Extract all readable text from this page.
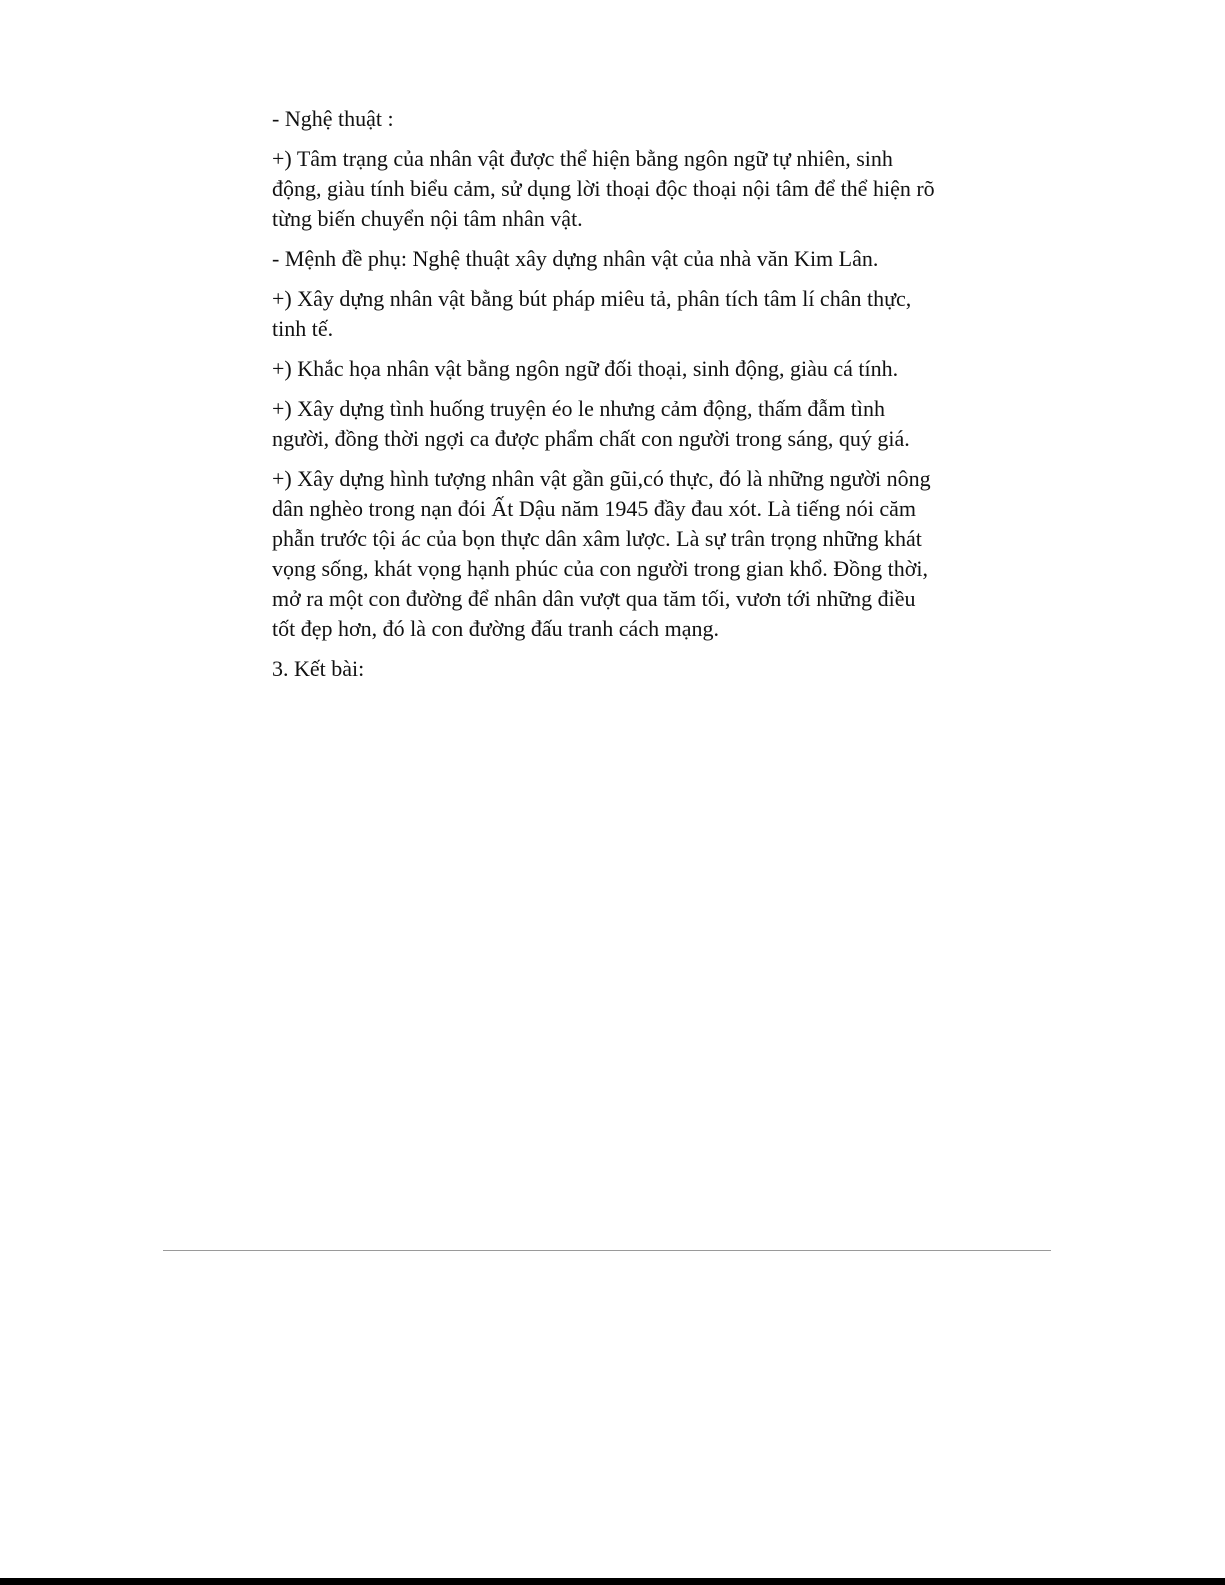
- Nghệ thuật :

+) Tâm trạng của nhân vật được thể hiện bằng ngôn ngữ tự nhiên, sinh động, giàu tính biểu cảm, sử dụng lời thoại độc thoại nội tâm để thể hiện rõ từng biến chuyển nội tâm nhân vật.

- Mệnh đề phụ: Nghệ thuật xây dựng nhân vật của nhà văn Kim Lân.

+) Xây dựng nhân vật bằng bút pháp miêu tả, phân tích tâm lí chân thực, tinh tế.

+) Khắc họa nhân vật bằng ngôn ngữ đối thoại, sinh động, giàu cá tính.

+) Xây dựng tình huống truyện éo le nhưng cảm động, thấm đẫm tình người, đồng thời ngợi ca được phẩm chất con người trong sáng, quý giá.

+) Xây dựng hình tượng nhân vật gần gũi,có thực, đó là những người nông dân nghèo trong nạn đói Ất Dậu năm 1945 đầy đau xót. Là tiếng nói căm phẫn trước tội ác của bọn thực dân xâm lược. Là sự trân trọng những khát vọng sống, khát vọng hạnh phúc của con người trong gian khổ. Đồng thời, mở ra một con đường để nhân dân vượt qua tăm tối, vươn tới những điều tốt đẹp hơn, đó là con đường đấu tranh cách mạng.

3. Kết bài:
